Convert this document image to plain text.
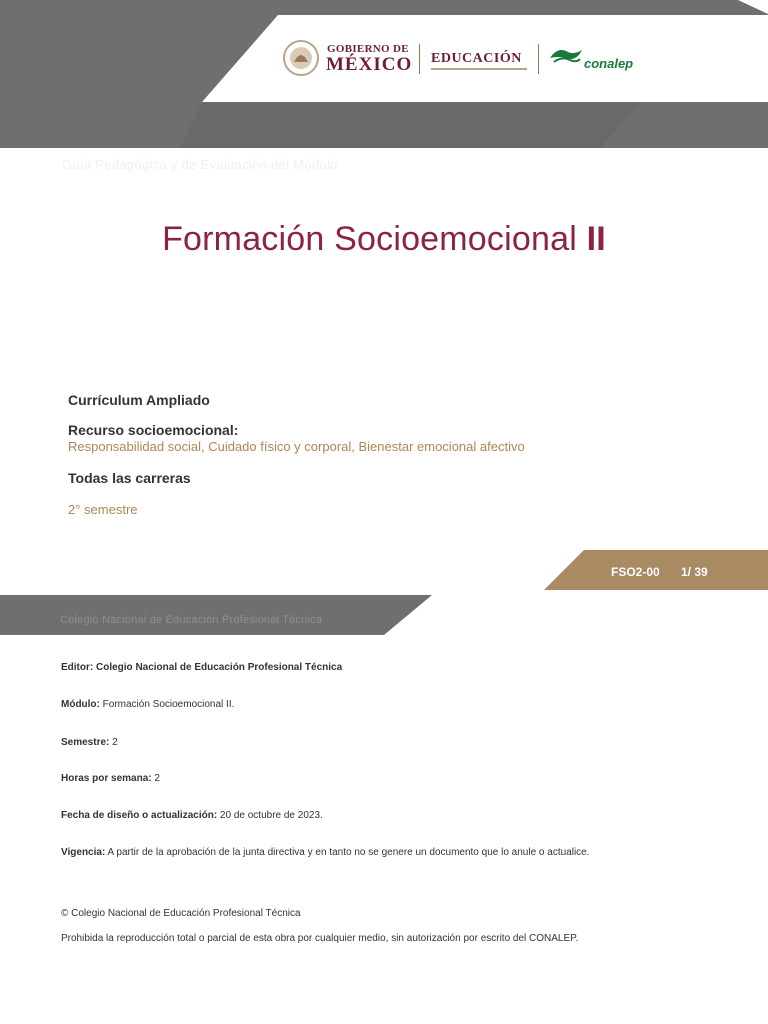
GOBIERNO DE
MÉXICO EDUCACIÓN	conalep
Guía Pedagógica y de Evaluación del Módulo
Formación Socioemocional II
Currículum Ampliado
Recurso socioemocional:
Responsabilidad social, Cuidado físico y corporal, Bienestar emocional afectivo
Todas las carreras
2° semestre
FSO2-00 1/ 39
Colegio Nacional de Educación Profesional Técnica
Editor: Colegio Nacional de Educación Profesional Técnica
Módulo: Formación Socioemocional II.
Semestre: 2
Horas por semana: 2
Fecha de diseño o actualización: 20 de octubre de 2023.
Vigencia: A partir de la aprobación de la junta directiva y en tanto no se genere un documento que lo anule o actualice.
© Colegio Nacional de Educación Profesional Técnica
Prohibida la reproducción total o parcial de esta obra por cualquier medio, sin autorización por escrito del CONALEP.
